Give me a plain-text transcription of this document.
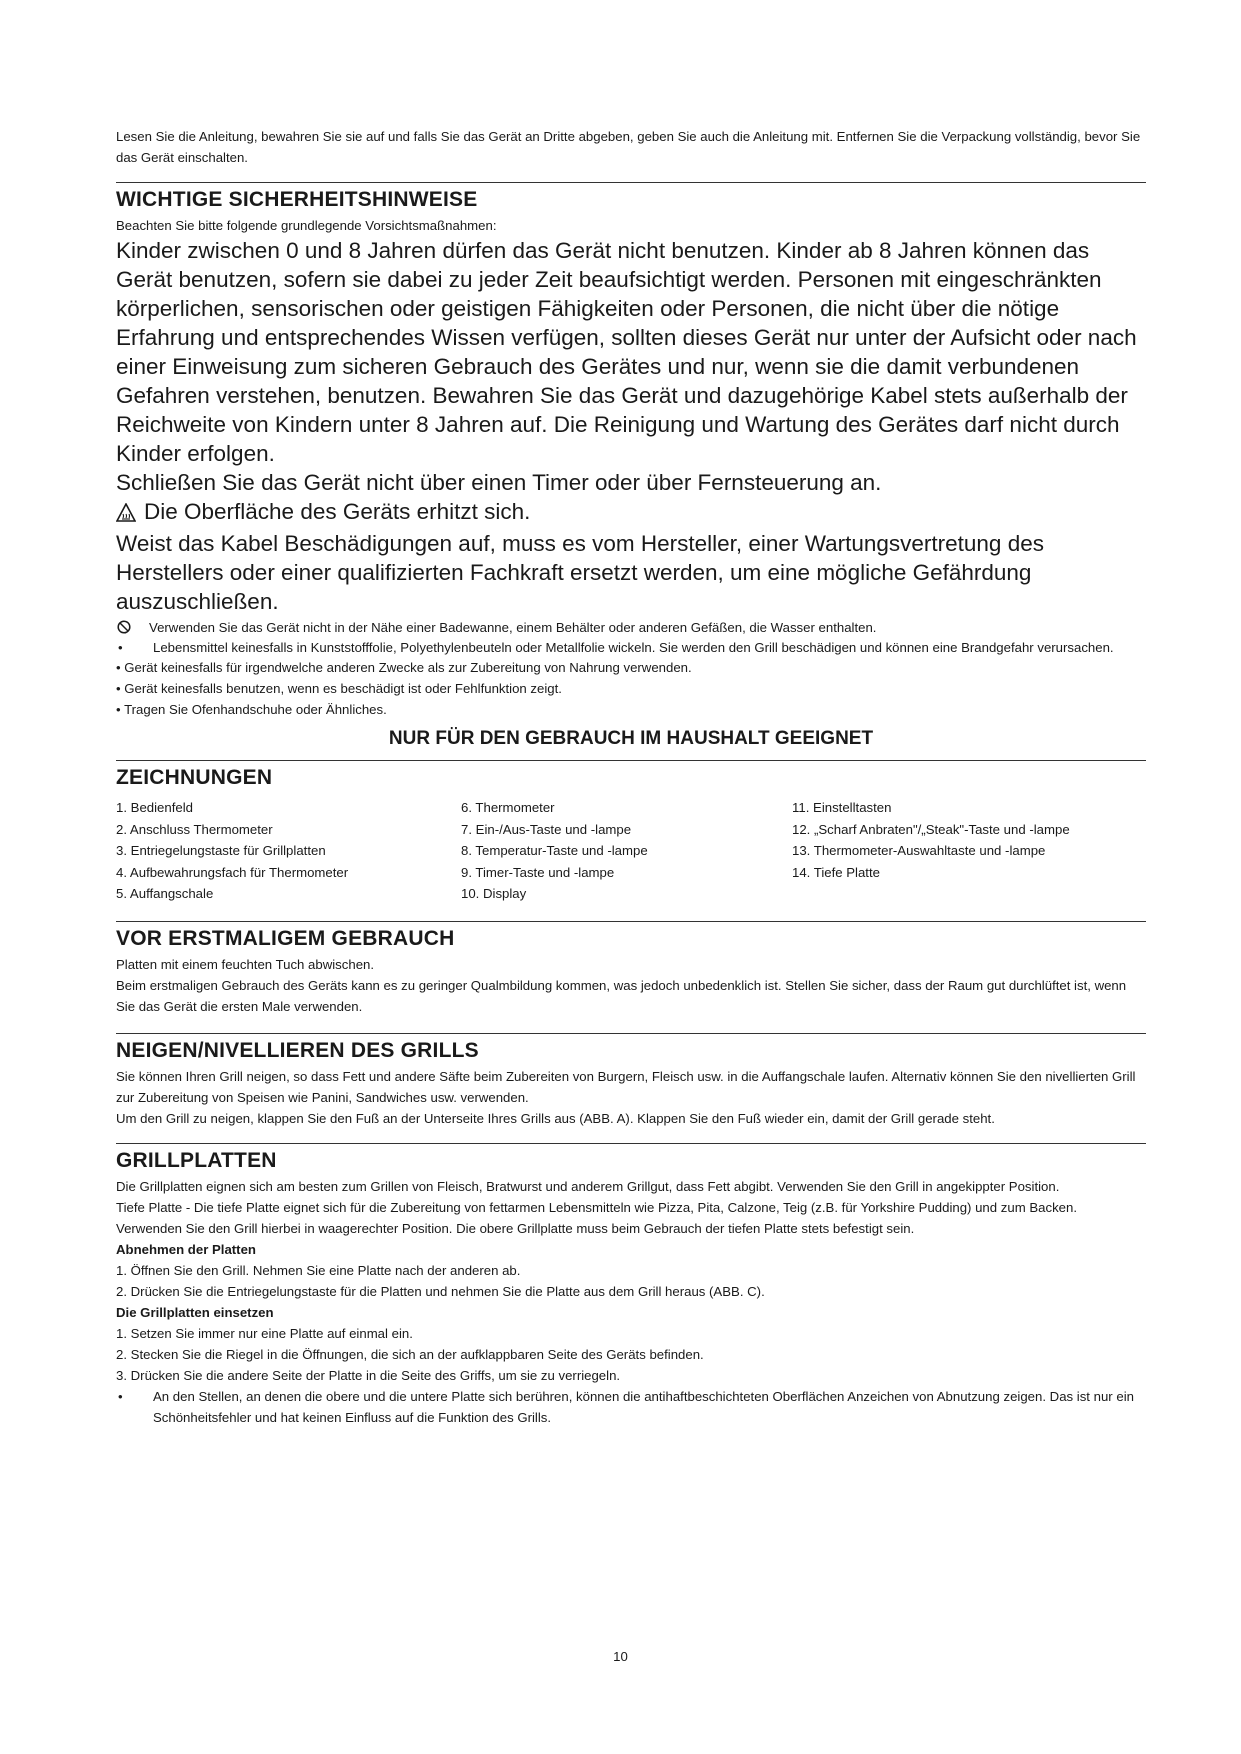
Lesen Sie die Anleitung, bewahren Sie sie auf und falls Sie das Gerät an Dritte abgeben, geben Sie auch die Anleitung mit. Entfernen Sie die Verpackung vollständig, bevor Sie das Gerät einschalten.

WICHTIGE SICHERHEITSHINWEISE

Beachten Sie bitte folgende grundlegende Vorsichtsmaßnahmen:

Kinder zwischen 0 und 8 Jahren dürfen das Gerät nicht benutzen. Kinder ab 8 Jahren können das Gerät benutzen, sofern sie dabei zu jeder Zeit beaufsichtigt werden. Personen mit eingeschränkten körperlichen, sensorischen oder geistigen Fähigkeiten oder Personen, die nicht über die nötige Erfahrung und entsprechendes Wissen verfügen, sollten dieses Gerät nur unter der Aufsicht oder nach einer Einweisung zum sicheren Gebrauch des Gerätes und nur, wenn sie die damit verbundenen Gefahren verstehen, benutzen. Bewahren Sie das Gerät und dazugehörige Kabel stets außerhalb der Reichweite von Kindern unter 8 Jahren auf. Die Reinigung und Wartung des Gerätes darf nicht durch Kinder erfolgen.

Schließen Sie das Gerät nicht über einen Timer oder über Fernsteuerung an.

Die Oberfläche des Geräts erhitzt sich.

Weist das Kabel Beschädigungen auf, muss es vom Hersteller, einer Wartungsvertretung des Herstellers oder einer qualifizierten Fachkraft ersetzt werden, um eine mögliche Gefährdung auszuschließen.

Verwenden Sie das Gerät nicht in der Nähe einer Badewanne, einem Behälter oder anderen Gefäßen, die Wasser enthalten.
•	Lebensmittel keinesfalls in Kunststofffolie, Polyethylenbeuteln oder Metallfolie wickeln. Sie werden den Grill beschädigen und können eine Brandgefahr verursachen.
• Gerät keinesfalls für irgendwelche anderen Zwecke als zur Zubereitung von Nahrung verwenden.
• Gerät keinesfalls benutzen, wenn es beschädigt ist oder Fehlfunktion zeigt.
• Tragen Sie Ofenhandschuhe oder Ähnliches.
NUR FÜR DEN GEBRAUCH IM HAUSHALT GEEIGNET
ZEICHNUNGEN
1. Bedienfeld
2. Anschluss Thermometer
3. Entriegelungstaste für Grillplatten
4. Aufbewahrungsfach für Thermometer
5. Auffangschale
6. Thermometer
7. Ein-/Aus-Taste und -lampe
8. Temperatur-Taste und -lampe
9. Timer-Taste und -lampe
10. Display
11. Einstelltasten
12. „Scharf Anbraten"/„Steak"-Taste und -lampe
13. Thermometer-Auswahltaste und -lampe
14. Tiefe Platte
VOR ERSTMALIGEM GEBRAUCH

Platten mit einem feuchten Tuch abwischen.

Beim erstmaligen Gebrauch des Geräts kann es zu geringer Qualmbildung kommen, was jedoch unbedenklich ist. Stellen Sie sicher, dass der Raum gut durchlüftet ist, wenn Sie das Gerät die ersten Male verwenden.

NEIGEN/NIVELLIEREN DES GRILLS

Sie können Ihren Grill neigen, so dass Fett und andere Säfte beim Zubereiten von Burgern, Fleisch usw. in die Auffangschale laufen. Alternativ können Sie den nivellierten Grill zur Zubereitung von Speisen wie Panini, Sandwiches usw. verwenden.

Um den Grill zu neigen, klappen Sie den Fuß an der Unterseite Ihres Grills aus (ABB. A). Klappen Sie den Fuß wieder ein, damit der Grill gerade steht.

GRILLPLATTEN

Die Grillplatten eignen sich am besten zum Grillen von Fleisch, Bratwurst und anderem Grillgut, dass Fett abgibt. Verwenden Sie den Grill in angekippter Position.

Tiefe Platte - Die tiefe Platte eignet sich für die Zubereitung von fettarmen Lebensmitteln wie Pizza, Pita, Calzone, Teig (z.B. für Yorkshire Pudding) und zum Backen. Verwenden Sie den Grill hierbei in waagerechter Position. Die obere Grillplatte muss beim Gebrauch der tiefen Platte stets befestigt sein.

Abnehmen der Platten

1. Öffnen Sie den Grill. Nehmen Sie eine Platte nach der anderen ab.

2. Drücken Sie die Entriegelungstaste für die Platten und nehmen Sie die Platte aus dem Grill heraus (ABB. C).

Die Grillplatten einsetzen

1. Setzen Sie immer nur eine Platte auf einmal ein.

2. Stecken Sie die Riegel in die Öffnungen, die sich an der aufklappbaren Seite des Geräts befinden.

3. Drücken Sie die andere Seite der Platte in die Seite des Griffs, um sie zu verriegeln.

•	An den Stellen, an denen die obere und die untere Platte sich berühren, können die antihaftbeschichteten Oberflächen Anzeichen von Abnutzung zeigen. Das ist nur ein Schönheitsfehler und hat keinen Einfluss auf die Funktion des Grills.
10
